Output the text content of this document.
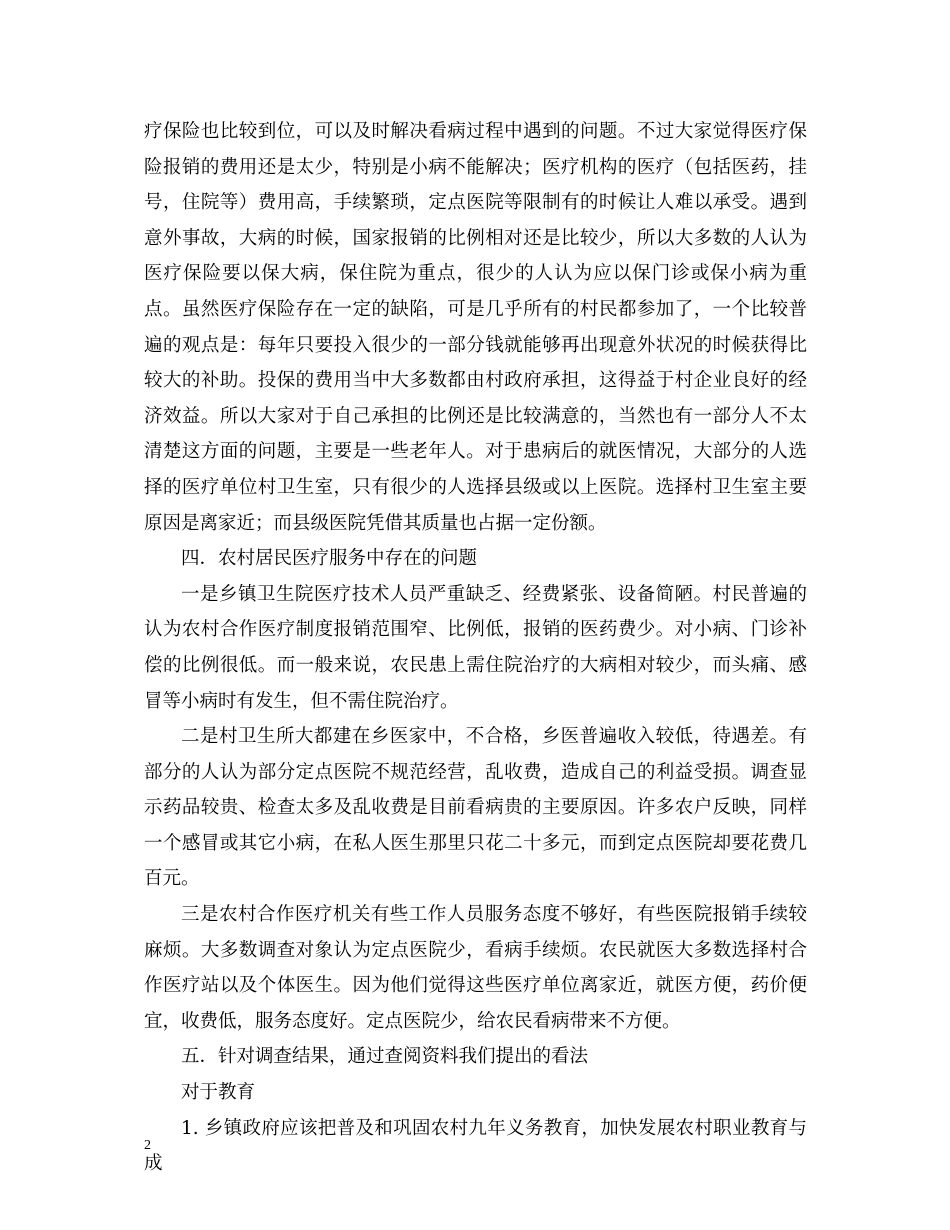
疗保险也比较到位，可以及时解决看病过程中遇到的问题。不过大家觉得医疗保险报销的费用还是太少，特别是小病不能解决；医疗机构的医疗（包括医药，挂号，住院等）费用高，手续繁琐，定点医院等限制有的时候让人难以承受。遇到意外事故，大病的时候，国家报销的比例相对还是比较少，所以大多数的人认为医疗保险要以保大病，保住院为重点，很少的人认为应以保门诊或保小病为重点。虽然医疗保险存在一定的缺陷，可是几乎所有的村民都参加了，一个比较普遍的观点是：每年只要投入很少的一部分钱就能够再出现意外状况的时候获得比较大的补助。投保的费用当中大多数都由村政府承担，这得益于村企业良好的经济效益。所以大家对于自己承担的比例还是比较满意的，当然也有一部分人不太清楚这方面的问题，主要是一些老年人。对于患病后的就医情况，大部分的人选择的医疗单位村卫生室，只有很少的人选择县级或以上医院。选择村卫生室主要原因是离家近；而县级医院凭借其质量也占据一定份额。

四．农村居民医疗服务中存在的问题

一是乡镇卫生院医疗技术人员严重缺乏、经费紧张、设备简陋。村民普遍的认为农村合作医疗制度报销范围窄、比例低，报销的医药费少。对小病、门诊补偿的比例很低。而一般来说，农民患上需住院治疗的大病相对较少，而头痛、感冒等小病时有发生，但不需住院治疗。

二是村卫生所大都建在乡医家中，不合格，乡医普遍收入较低，待遇差。有部分的人认为部分定点医院不规范经营，乱收费，造成自己的利益受损。调查显示药品较贵、检查太多及乱收费是目前看病贵的主要原因。许多农户反映，同样一个感冒或其它小病，在私人医生那里只花二十多元，而到定点医院却要花费几百元。

三是农村合作医疗机关有些工作人员服务态度不够好，有些医院报销手续较麻烦。大多数调查对象认为定点医院少，看病手续烦。农民就医大多数选择村合作医疗站以及个体医生。因为他们觉得这些医疗单位离家近，就医方便，药价便宜，收费低，服务态度好。定点医院少，给农民看病带来不方便。

五．针对调查结果，通过查阅资料我们提出的看法

对于教育

1. 乡镇政府应该把普及和巩固农村九年义务教育，加快发展农村职业教育与成

2
